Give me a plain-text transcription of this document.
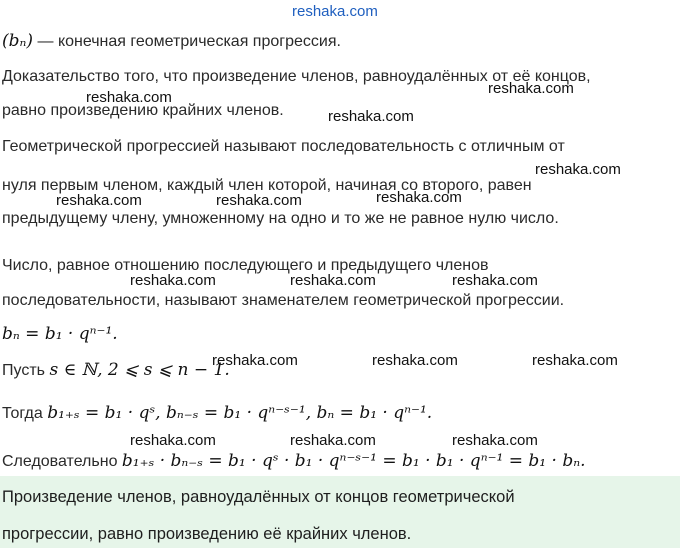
reshaka.com
reshaka.com
reshaka.com
reshaka.com
reshaka.com
reshaka.com	reshaka.com	reshaka.com
reshaka.com	reshaka.com	reshaka.com
reshaka.com	reshaka.com	reshaka.com
reshaka.com	reshaka.com	reshaka.com
(bₙ) — конечная геометрическая прогрессия.
Доказательство того, что произведение членов, равноудалённых от её концов,
равно произведению крайних членов.
Геометрической прогрессией называют последовательность с отличным от
нуля первым членом, каждый член которой, начиная со второго, равен
предыдущему члену, умноженному на одно и то же не равное нулю число.
Число, равное отношению последующего и предыдущего членов
последовательности, называют знаменателем геометрической прогрессии.
bₙ = b₁ · qⁿ⁻¹.
Пусть s ∈ ℕ, 2 ⩽ s ⩽ n − 1.
Тогда b₁₊ₛ = b₁ · qˢ, bₙ₋ₛ = b₁ · qⁿ⁻ˢ⁻¹, bₙ = b₁ · qⁿ⁻¹.
Следовательно b₁₊ₛ · bₙ₋ₛ = b₁ · qˢ · b₁ · qⁿ⁻ˢ⁻¹ = b₁ · b₁ · qⁿ⁻¹ = b₁ · bₙ.
Произведение членов, равноудалённых от концов геометрической
прогрессии, равно произведению её крайних членов.
